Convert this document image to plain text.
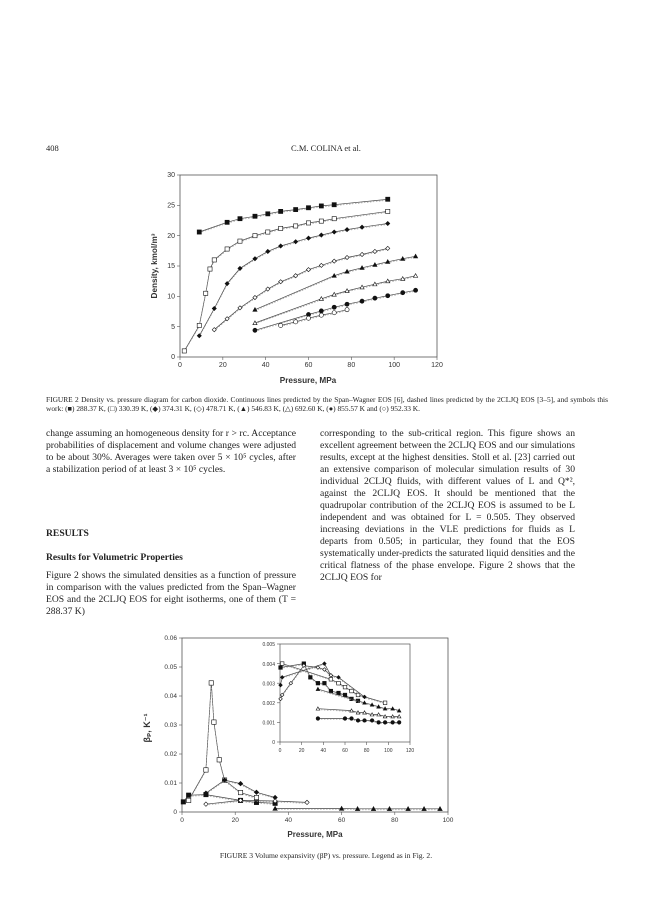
408	C.M. COLINA et al.
0
5
10
15
20
25
30
0	20	40	60	80	100	120
Pressure, MPa
Density, kmol/m³
FIGURE 2 Density vs. pressure diagram for carbon dioxide. Continuous lines predicted by the Span–Wagner EOS [6], dashed lines predicted by the 2CLJQ EOS [3–5], and symbols this work: (■) 288.37 K, (□) 330.39 K, (◆) 374.31 K, (◇) 478.71 K, (▲) 546.83 K, (△) 692.60 K, (●) 855.57 K and (○) 952.33 K.

change assuming an homogeneous density for r > rc. Acceptance probabilities of displacement and volume changes were adjusted to be about 30%. Averages were taken over 5 × 10⁵ cycles, after a stabilization period of at least 3 × 10⁵ cycles.

RESULTS
Results for Volumetric Properties

Figure 2 shows the simulated densities as a function of pressure in comparison with the values predicted from the Span–Wagner EOS and the 2CLJQ EOS for eight isotherms, one of them (T = 288.37 K)

corresponding to the sub-critical region. This figure shows an excellent agreement between the 2CLJQ EOS and our simulations results, except at the highest densities. Stoll et al. [23] carried out an extensive comparison of molecular simulation results of 30 individual 2CLJQ fluids, with different values of L and Q*², against the 2CLJQ EOS. It should be mentioned that the quadrupolar contribution of the 2CLJQ EOS is assumed to be L independent and was obtained for L = 0.505. They observed increasing deviations in the VLE predictions for fluids as L departs from 0.505; in particular, they found that the EOS systematically under-predicts the saturated liquid densities and the critical flatness of the phase envelope. Figure 2 shows that the 2CLJQ EOS for

0
0.01
0.02
0.03
0.04
0.05
0.06
0	20	40	60	80	100
Pressure, MPa
βₚ, K⁻¹
0
0.001
0.002
0.003
0.004
0.005
0	20	40	60	80	100	120
FIGURE 3 Volume expansivity (βP) vs. pressure. Legend as in Fig. 2.
